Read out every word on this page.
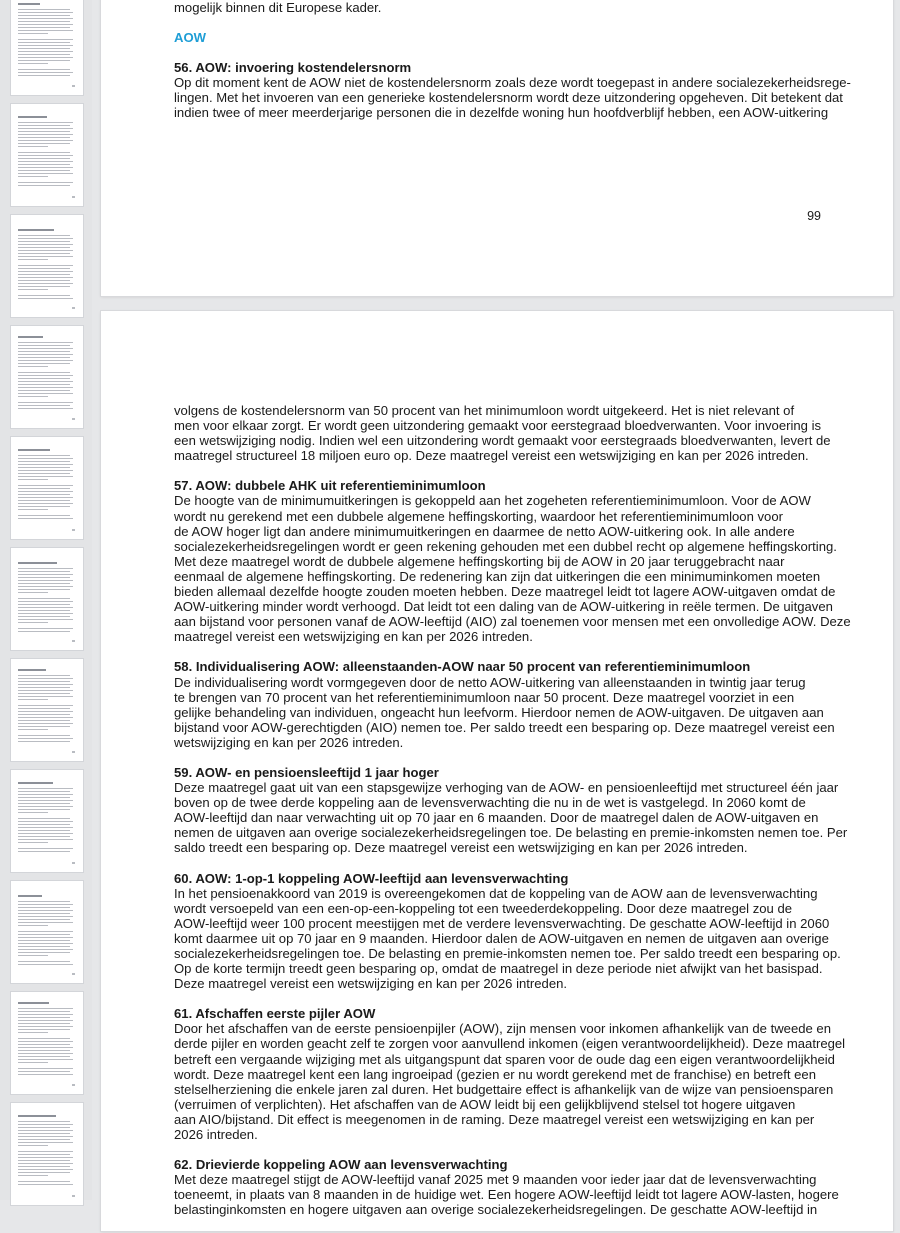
mogelijk binnen dit Europese kader.
AOW
56. AOW: invoering kostendelersnorm
Op dit moment kent de AOW niet de kostendelersnorm zoals deze wordt toegepast in andere socialezekerheidsrege-
lingen. Met het invoeren van een generieke kostendelersnorm wordt deze uitzondering opgeheven. Dit betekent dat
indien twee of meer meerderjarige personen die in dezelfde woning hun hoofdverblijf hebben, een AOW-uitkering
99
volgens de kostendelersnorm van 50 procent van het minimumloon wordt uitgekeerd. Het is niet relevant of
men voor elkaar zorgt. Er wordt geen uitzondering gemaakt voor eerstegraad bloedverwanten. Voor invoering is
een wetswijziging nodig. Indien wel een uitzondering wordt gemaakt voor eerstegraads bloedverwanten, levert de
maatregel structureel 18 miljoen euro op. Deze maatregel vereist een wetswijziging en kan per 2026 intreden.
57. AOW: dubbele AHK uit referentieminimumloon
De hoogte van de minimumuitkeringen is gekoppeld aan het zogeheten referentieminimumloon. Voor de AOW
wordt nu gerekend met een dubbele algemene heffingskorting, waardoor het referentieminimumloon voor
de AOW hoger ligt dan andere minimumuitkeringen en daarmee de netto AOW-uitkering ook. In alle andere
socialezekerheidsregelingen wordt er geen rekening gehouden met een dubbel recht op algemene heffingskorting.
Met deze maatregel wordt de dubbele algemene heffingskorting bij de AOW in 20 jaar teruggebracht naar
eenmaal de algemene heffingskorting. De redenering kan zijn dat uitkeringen die een minimuminkomen moeten
bieden allemaal dezelfde hoogte zouden moeten hebben. Deze maatregel leidt tot lagere AOW-uitgaven omdat de
AOW-uitkering minder wordt verhoogd. Dat leidt tot een daling van de AOW-uitkering in reële termen. De uitgaven
aan bijstand voor personen vanaf de AOW-leeftijd (AIO) zal toenemen voor mensen met een onvolledige AOW. Deze
maatregel vereist een wetswijziging en kan per 2026 intreden.
58. Individualisering AOW: alleenstaanden-AOW naar 50 procent van referentieminimumloon
De individualisering wordt vormgegeven door de netto AOW-uitkering van alleenstaanden in twintig jaar terug
te brengen van 70 procent van het referentieminimumloon naar 50 procent. Deze maatregel voorziet in een
gelijke behandeling van individuen, ongeacht hun leefvorm. Hierdoor nemen de AOW-uitgaven. De uitgaven aan
bijstand voor AOW-gerechtigden (AIO) nemen toe. Per saldo treedt een besparing op. Deze maatregel vereist een
wetswijziging en kan per 2026 intreden.
59. AOW- en pensioensleeftijd 1 jaar hoger
Deze maatregel gaat uit van een stapsgewijze verhoging van de AOW- en pensioenleeftijd met structureel één jaar
boven op de twee derde koppeling aan de levensverwachting die nu in de wet is vastgelegd. In 2060 komt de
AOW-leeftijd dan naar verwachting uit op 70 jaar en 6 maanden. Door de maatregel dalen de AOW-uitgaven en
nemen de uitgaven aan overige socialezekerheidsregelingen toe. De belasting en premie-inkomsten nemen toe. Per
saldo treedt een besparing op. Deze maatregel vereist een wetswijziging en kan per 2026 intreden.
60. AOW: 1-op-1 koppeling AOW-leeftijd aan levensverwachting
In het pensioenakkoord van 2019 is overeengekomen dat de koppeling van de AOW aan de levensverwachting
wordt versoepeld van een een-op-een-koppeling tot een tweederdekoppeling. Door deze maatregel zou de
AOW-leeftijd weer 100 procent meestijgen met de verdere levensverwachting. De geschatte AOW-leeftijd in 2060
komt daarmee uit op 70 jaar en 9 maanden. Hierdoor dalen de AOW-uitgaven en nemen de uitgaven aan overige
socialezekerheidsregelingen toe. De belasting en premie-inkomsten nemen toe. Per saldo treedt een besparing op.
Op de korte termijn treedt geen besparing op, omdat de maatregel in deze periode niet afwijkt van het basispad.
Deze maatregel vereist een wetswijziging en kan per 2026 intreden.
61. Afschaffen eerste pijler AOW
Door het afschaffen van de eerste pensioenpijler (AOW), zijn mensen voor inkomen afhankelijk van de tweede en
derde pijler en worden geacht zelf te zorgen voor aanvullend inkomen (eigen verantwoordelijkheid). Deze maatregel
betreft een vergaande wijziging met als uitgangspunt dat sparen voor de oude dag een eigen verantwoordelijkheid
wordt. Deze maatregel kent een lang ingroeipad (gezien er nu wordt gerekend met de franchise) en betreft een
stelselherziening die enkele jaren zal duren. Het budgettaire effect is afhankelijk van de wijze van pensioensparen
(verruimen of verplichten). Het afschaffen van de AOW leidt bij een gelijkblijvend stelsel tot hogere uitgaven
aan AIO/bijstand. Dit effect is meegenomen in de raming. Deze maatregel vereist een wetswijziging en kan per
2026 intreden.
62. Drievierde koppeling AOW aan levensverwachting
Met deze maatregel stijgt de AOW-leeftijd vanaf 2025 met 9 maanden voor ieder jaar dat de levensverwachting
toeneemt, in plaats van 8 maanden in de huidige wet. Een hogere AOW-leeftijd leidt tot lagere AOW-lasten, hogere
belastinginkomsten en hogere uitgaven aan overige socialezekerheidsregelingen. De geschatte AOW-leeftijd in
